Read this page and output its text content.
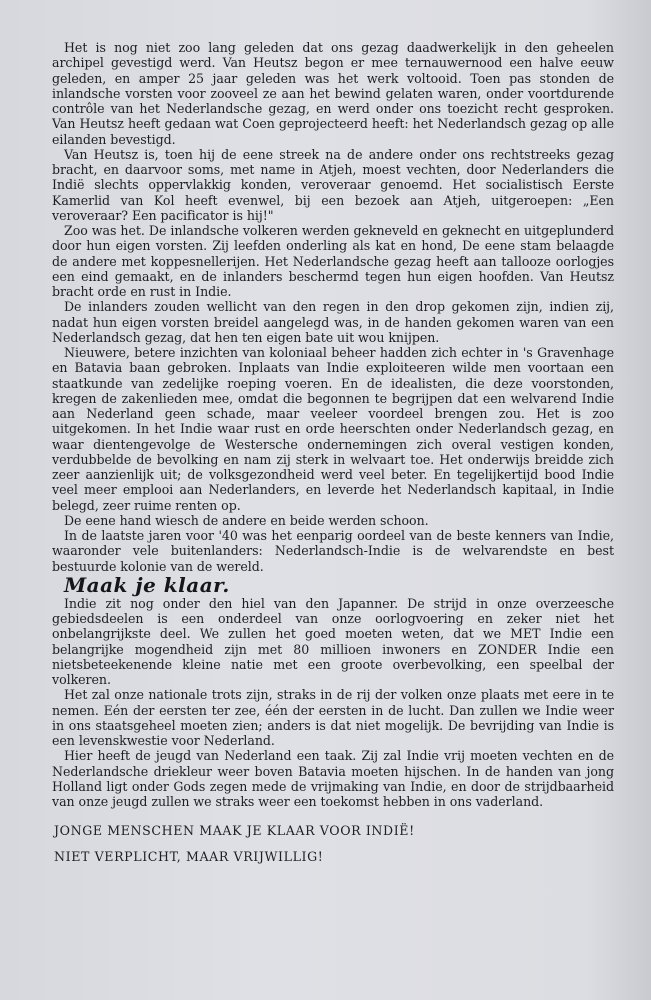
Het is nog niet zoo lang geleden dat ons gezag daadwerkelijk in den geheelen archipel gevestigd werd. Van Heutsz begon er mee ternauwernood een halve eeuw geleden, en amper 25 jaar geleden was het werk voltooid. Toen pas stonden de inlandsche vorsten voor zooveel ze aan het bewind gelaten waren, onder voortdurende contrôle van het Nederlandsche gezag, en werd onder ons toezicht recht gesproken. Van Heutsz heeft gedaan wat Coen geprojecteerd heeft: het Nederlandsch gezag op alle eilanden bevestigd.

Van Heutsz is, toen hij de eene streek na de andere onder ons rechtstreeks gezag bracht, en daarvoor soms, met name in Atjeh, moest vechten, door Nederlanders die Indië slechts oppervlakkig konden, veroveraar genoemd. Het socialistisch Eerste Kamerlid van Kol heeft evenwel, bij een bezoek aan Atjeh, uitgeroepen: „Een veroveraar? Een pacificator is hij!"

Zoo was het. De inlandsche volkeren werden gekneveld en geknecht en uitgeplunderd door hun eigen vorsten. Zij leefden onderling als kat en hond, De eene stam belaagde de andere met koppesnellerijen. Het Nederlandsche gezag heeft aan tallooze oorlogjes een eind gemaakt, en de inlanders beschermd tegen hun eigen hoofden. Van Heutsz bracht orde en rust in Indie.

De inlanders zouden wellicht van den regen in den drop gekomen zijn, indien zij, nadat hun eigen vorsten breidel aangelegd was, in de handen gekomen waren van een Nederlandsch gezag, dat hen ten eigen bate uit wou knijpen.

Nieuwere, betere inzichten van koloniaal beheer hadden zich echter in 's Gravenhage en Batavia baan gebroken. Inplaats van Indie exploiteeren wilde men voortaan een staatkunde van zedelijke roeping voeren. En de idealisten, die deze voorstonden, kregen de zakenlieden mee, omdat die begonnen te begrijpen dat een welvarend Indie aan Nederland geen schade, maar veeleer voordeel brengen zou. Het is zoo uitgekomen. In het Indie waar rust en orde heerschten onder Nederlandsch gezag, en waar dientengevolge de Westersche ondernemingen zich overal vestigen konden, verdubbelde de bevolking en nam zij sterk in welvaart toe. Het onderwijs breidde zich zeer aanzienlijk uit; de volksgezondheid werd veel beter. En tegelijkertijd bood Indie veel meer emplooi aan Nederlanders, en leverde het Nederlandsch kapitaal, in Indie belegd, zeer ruime renten op.

De eene hand wiesch de andere en beide werden schoon.

In de laatste jaren voor '40 was het eenparig oordeel van de beste kenners van Indie, waaronder vele buitenlanders: Nederlandsch-Indie is de welvarendste en best bestuurde kolonie van de wereld.

Maak je klaar.

Indie zit nog onder den hiel van den Japanner. De strijd in onze overzeesche gebiedsdeelen is een onderdeel van onze oorlogvoering en zeker niet het onbelangrijkste deel. We zullen het goed moeten weten, dat we MET Indie een belangrijke mogendheid zijn met 80 millioen inwoners en ZONDER Indie een nietsbeteekenende kleine natie met een groote overbevolking, een speelbal der volkeren.

Het zal onze nationale trots zijn, straks in de rij der volken onze plaats met eere in te nemen. Eén der eersten ter zee, één der eersten in de lucht. Dan zullen we Indie weer in ons staatsgeheel moeten zien; anders is dat niet mogelijk. De bevrijding van Indie is een levenskwestie voor Nederland.

Hier heeft de jeugd van Nederland een taak. Zij zal Indie vrij moeten vechten en de Nederlandsche driekleur weer boven Batavia moeten hijschen. In de handen van jong Holland ligt onder Gods zegen mede de vrijmaking van Indie, en door de strijdbaarheid van onze jeugd zullen we straks weer een toekomst hebben in ons vaderland.

JONGE MENSCHEN MAAK JE KLAAR VOOR INDIË!

NIET VERPLICHT, MAAR VRIJWILLIG!
